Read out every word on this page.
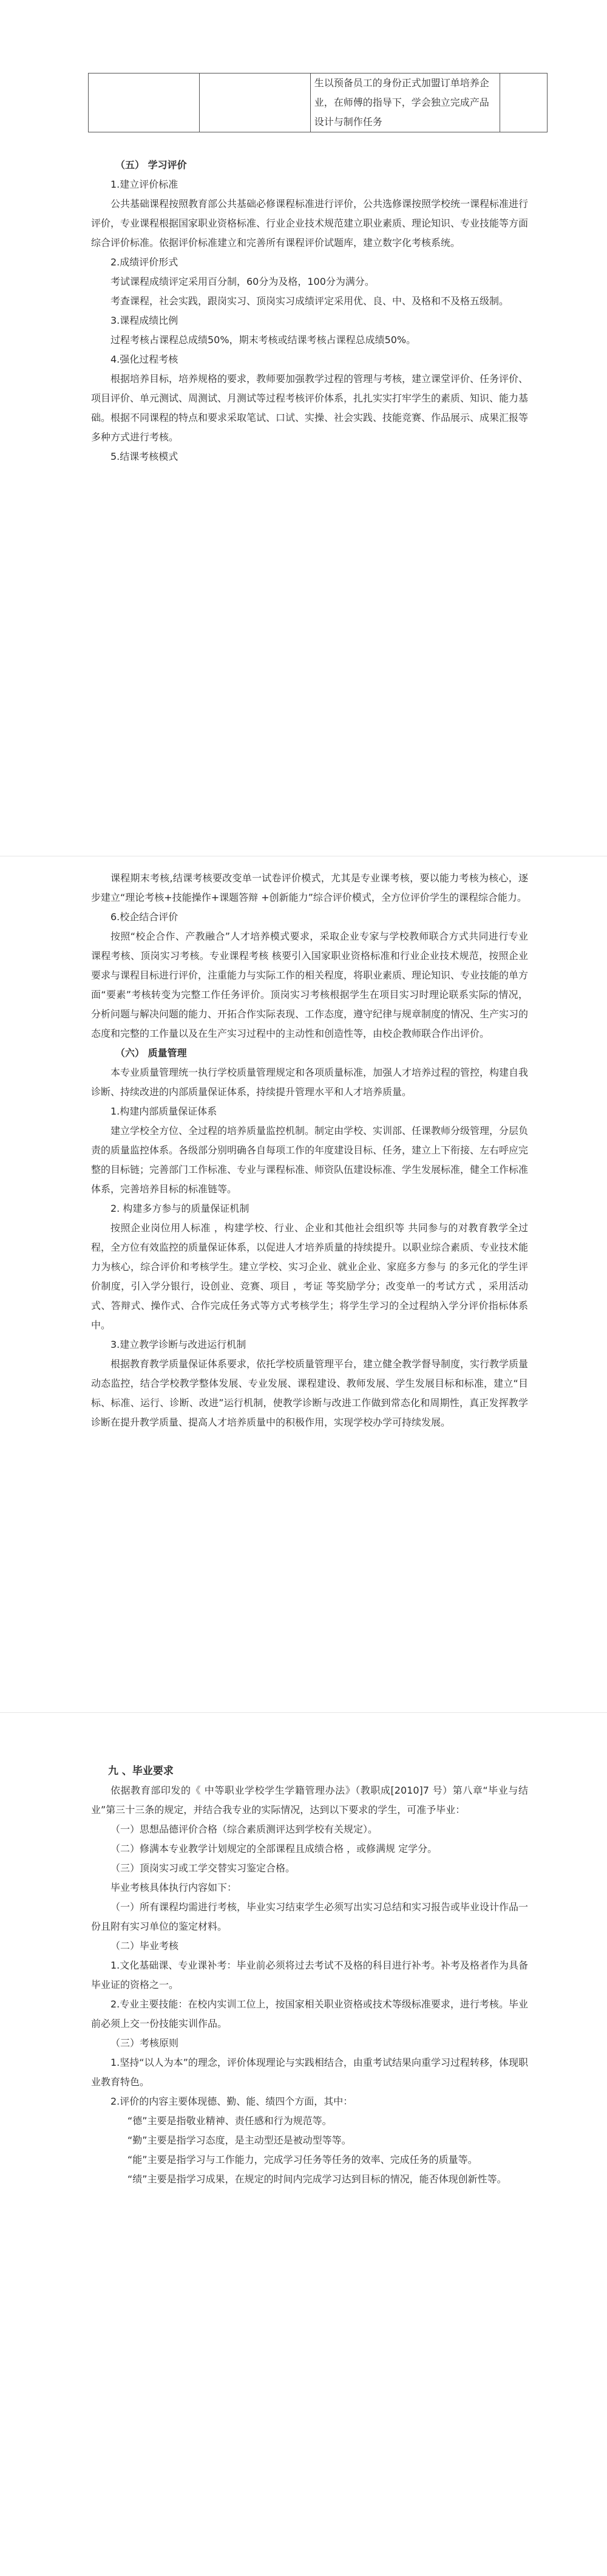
		生以预备员工的身份正式加盟订单培养企业，在师傅的指导下，学会独立完成产品设计与制作任务	

（五） 学习评价

1.建立评价标准

公共基础课程按照教育部公共基础必修课程标准进行评价，公共选修课按照学校统一课程标准进行评价，专业课程根据国家职业资格标准、行业企业技术规范建立职业素质、理论知识、专业技能等方面综合评价标准。依据评价标准建立和完善所有课程评价试题库，建立数字化考核系统。

2.成绩评价形式

考试课程成绩评定采用百分制，60分为及格，100分为满分。

考查课程，社会实践，跟岗实习、顶岗实习成绩评定采用优、良、中、及格和不及格五级制。

3.课程成绩比例

过程考核占课程总成绩50%，期末考核或结课考核占课程总成绩50%。

4.强化过程考核

根据培养目标，培养规格的要求，教师要加强教学过程的管理与考核，建立课堂评价、任务评价、项目评价、单元测试、周测试、月测试等过程考核评价体系，扎扎实实打牢学生的素质、知识、能力基础。根据不同课程的特点和要求采取笔试、口试、实操、社会实践、技能竞赛、作品展示、成果汇报等多种方式进行考核。

5.结课考核模式

课程期末考核,结课考核要改变单一试卷评价模式，尤其是专业课考核，要以能力考核为核心，逐步建立“理论考核+技能操作+课题答辩 +创新能力”综合评价模式，全方位评价学生的课程综合能力。

6.校企结合评价

按照“校企合作、产教融合”人才培养模式要求，采取企业专家与学校教师联合方式共同进行专业课程考核、顶岗实习考核。专业课程考核 核要引入国家职业资格标准和行业企业技术规范，按照企业要求与课程目标进行评价，注重能力与实际工作的相关程度，将职业素质、理论知识、专业技能的单方面“要素”考核转变为完整工作任务评价。顶岗实习考核根据学生在项目实习时理论联系实际的情况，分析问题与解决问题的能力、开拓合作实际表现、工作态度，遵守纪律与规章制度的情况、生产实习的态度和完整的工作量以及在生产实习过程中的主动性和创造性等，由校企教师联合作出评价。

（六） 质量管理

本专业质量管理统一执行学校质量管理规定和各项质量标准，加强人才培养过程的管控，构建自我诊断、持续改进的内部质量保证体系，持续提升管理水平和人才培养质量。

1.构建内部质量保证体系

建立学校全方位、全过程的培养质量监控机制。制定由学校、实训部、任课教师分级管理，分层负责的质量监控体系。各级部分别明确各自每项工作的年度建设目标、任务，建立上下衔接、左右呼应完整的目标链；完善部门工作标准、专业与课程标准、师资队伍建设标准、学生发展标准，健全工作标准体系，完善培养目标的标准链等。

2. 构建多方参与的质量保证机制

按照企业岗位用人标准 ，构建学校、行业、企业和其他社会组织等 共同参与的对教育教学全过程，全方位有效监控的质量保证体系，以促进人才培养质量的持续提升。以职业综合素质、专业技术能力为核心，综合评价和考核学生。建立学校、实习企业、就业企业、家庭多方参与 的多元化的学生评价制度，引入学分银行，设创业、竞赛、项目 ，考证 等奖励学分；改变单一的考试方式 ，采用活动式、答辩式、操作式、合作完成任务式等方式考核学生；将学生学习的全过程纳入学分评价指标体系中。

3.建立教学诊断与改进运行机制

根据教育教学质量保证体系要求，依托学校质量管理平台，建立健全教学督导制度，实行教学质量动态监控，结合学校教学整体发展、专业发展、课程建设、教师发展、学生发展目标和标准，建立“目标、标准、运行、诊断、改进”运行机制，使教学诊断与改进工作做到常态化和周期性，真正发挥教学诊断在提升教学质量、提高人才培养质量中的积极作用，实现学校办学可持续发展。

九 、毕业要求

依据教育部印发的《 中等职业学校学生学籍管理办法》（教职成[2010]7 号）第八章“毕业与结业”第三十三条的规定，并结合我专业的实际情况，达到以下要求的学生，可准予毕业：

（一）思想品德评价合格（综合素质测评达到学校有关规定）。

（二）修满本专业教学计划规定的全部课程且成绩合格 ，或修满规 定学分。

（三）顶岗实习或工学交替实习鉴定合格。

毕业考核具体执行内容如下：

（一）所有课程均需进行考核，毕业实习结束学生必须写出实习总结和实习报告或毕业设计作品一份且附有实习单位的鉴定材料。

（二）毕业考核

1.文化基础课、专业课补考：毕业前必须将过去考试不及格的科目进行补考。补考及格者作为具备毕业证的资格之一。

2.专业主要技能：在校内实训工位上，按国家相关职业资格或技术等级标准要求，进行考核。毕业前必须上交一份技能实训作品。

（三）考核原则

1.坚持“以人为本”的理念，评价体现理论与实践相结合，由重考试结果向重学习过程转移，体现职业教育特色。

2.评价的内容主要体现德、勤、能、绩四个方面，其中：

“德”主要是指敬业精神、责任感和行为规范等。

“勤”主要是指学习态度，是主动型还是被动型等等。

“能”主要是指学习与工作能力，完成学习任务等任务的效率、完成任务的质量等。

“绩”主要是指学习成果，在规定的时间内完成学习达到目标的情况，能否体现创新性等。
